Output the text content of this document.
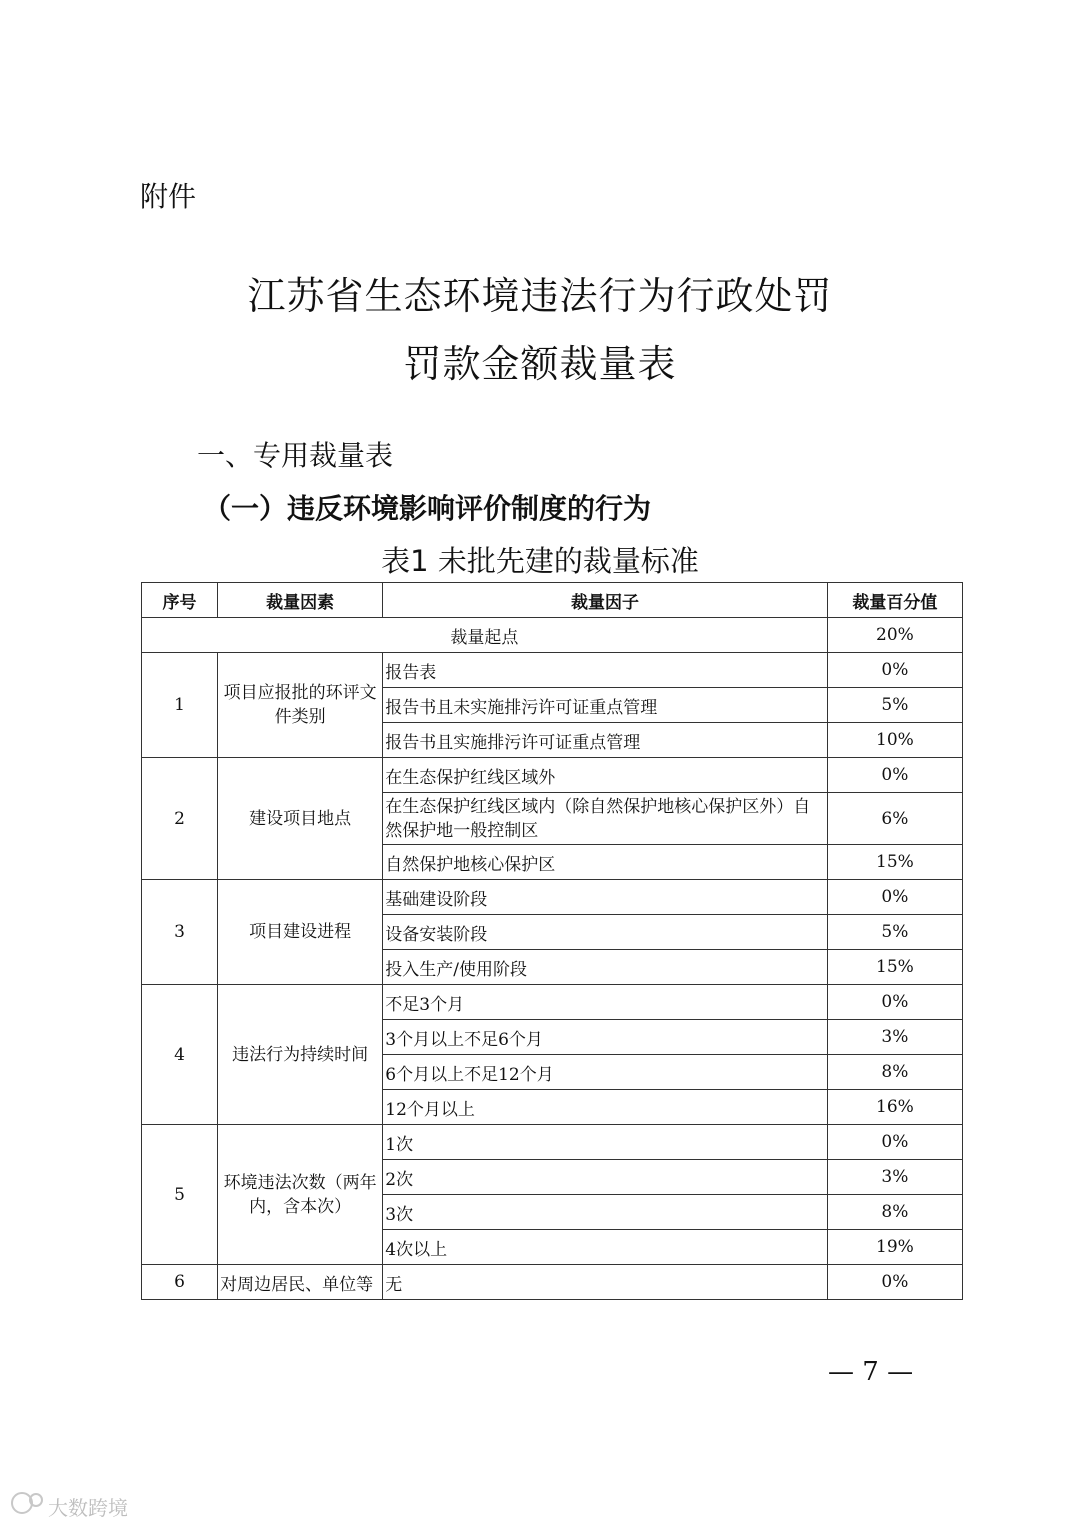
附件
江苏省生态环境违法行为行政处罚
罚款金额裁量表
一、专用裁量表
（一）违反环境影响评价制度的行为
表1 未批先建的裁量标准
序号	裁量因素	裁量因子	裁量百分值
裁量起点			20%
1	项目应报批的环评文件类别	报告表	0%
		报告书且未实施排污许可证重点管理	5%
		报告书且实施排污许可证重点管理	10%
2	建设项目地点	在生态保护红线区域外	0%
		在生态保护红线区域内（除自然保护地核心保护区外）自然保护地一般控制区	6%
		自然保护地核心保护区	15%
3	项目建设进程	基础建设阶段	0%
		设备安装阶段	5%
		投入生产/使用阶段	15%
4	违法行为持续时间	不足3个月	0%
		3个月以上不足6个月	3%
		6个月以上不足12个月	8%
		12个月以上	16%
5	环境违法次数（两年内，含本次）	1次	0%
		2次	3%
		3次	8%
		4次以上	19%
6	对周边居民、单位等	无	0%
— 7 —
大数跨境
